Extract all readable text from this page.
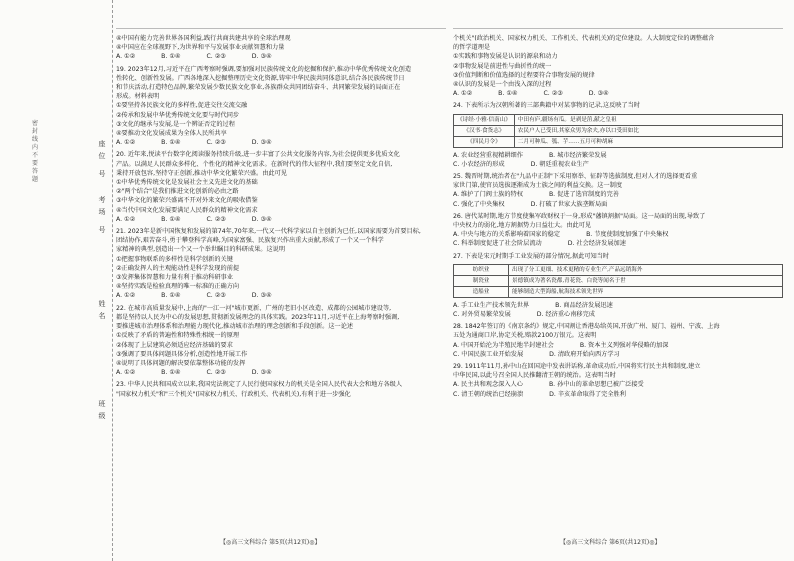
密封线内不要答题
座
位
号
考
场
号
姓
名
班
级
④中国有能力完善世界各国利益,践行共商共建共享的全球治理观
④中国应在全球视野下,为世界和平与发展事业贡献智慧和力量
A. ①②	B. ①④	C. ②③	D. ③④
19. 2023年12月,习近平在广西考察时强调,要加强对民族传统文化的挖掘和保护,推动中华优秀传统文化创造
性转化、创新性发展。广西各地深入挖掘整理历史文化资源,铸牢中华民族共同体意识,结合各民族传统节日
和节庆活动,打造特色品牌,繁荣发展少数民族文化事业,各族群众共同团结奋斗、共同繁荣发展的局面正在
形成。材料表明
①要坚持各民族文化的多样性,促进交往交流交融
②传承和发展中华优秀传统文化要与时代同步
③文化的继承与发展,是一个辨证否定的过程
④要推动文化发展成果为全体人民所共享
A. ①②	B. ①④	C. ②③	D. ③④
20. 近年来,悦读平台数字化阅读服务持续升级,进一步丰富了公共文化服务内容,为社会提供更多优质文化
产品。以满足人民群众多样化、个性化的精神文化需求。在新时代的伟大征程中,我们要坚定文化自信,
秉持开放包容,坚持守正创新,推动中华文化繁荣兴盛。由此可见
①中华优秀传统文化是发展社会主义先进文化的基础
②"两个结合"是我们推进文化创新的必由之路
③中华文化的繁荣兴盛离不开对外来文化的吸收借鉴
④当代中国文化发展要满足人民群众的精神文化需求
A. ①②	B. ①④	C. ②③	D. ③④
21. 2023年是新中国恢复和发展的第74年,70年来,一代又一代科学家以自主创新为已任,以国家需要为首要目标,
团结协作,艰苦奋斗,勇于攀登科学高峰,为国家富强、民族复兴作出重大贡献,形成了一个又一个科学
家精神的典型,创造出一个又一个举世瞩目的科研成果。这说明
①把握事物联系的多样性是科学创新的关键
②正确发挥人的主观能动性是科学发现的前提
③发挥集体智慧和力量有利于推动科研事业
④坚持实践是检验真理的唯一标准的正确方向
A. ①②	B. ①④	C. ②③	D. ③④
22. 在城市高质量发展中,上海的"一江一河"城市更新、广州的老旧小区改造、成都的公园城市建设等,
都是坚持以人民为中心的发展思想,贯彻新发展理念的具体实践。2023年11月,习近平在上海考察时强调,
要推进城市治理体系和治理能力现代化,推动城市治理的理念创新和手段创新。这一论述
①反映了矛盾的普遍性和特殊性相统一的原理
②体现了上层建筑必须适应经济基础的要求
③强调了要具体问题具体分析,创造性地开展工作
④说明了具体问题的解决要依靠整体功能的发挥
A. ①②	B. ①④	C. ②③	D. ③④
23. 中华人民共和国成立以来,我国宪法规定了人民行使国家权力的机关是全国人民代表大会和地方各级人
"国家权力机关"和"三个机关"(国家权力机关、行政机关、代表机关),有利于进一步强化
个机关"(政治机关、国家权力机关、工作机关、代表机关)的定位建设。人大制度定位的调整蕴含
的哲学道理是
①实践和事物发展是认识的源泉和动力
②事物发展是前进性与曲折性的统一
③价值判断和价值选择的过程要符合事物发展的规律
④认识的发展是一个由浅入深的过程
A. ①②	B. ①④	C. ②③	D. ③④
24. 下表所示为汉朝所著的三部典籍中对某事物的记录,这反映了当时
《诗经·小雅·信南山》	中田有庐,疆场有瓜。是剥是菹,献之皇祖
《汉书·食货志》	农民户人已受田,其家众男为余夫,亦以口受田如比
《四民月令》	二月可种瓜、瓠、芋……五月可种胡麻
A. 农业经营重视精耕细作	B. 城市经济繁荣发展
C. 小农经济的形成	D. 朝廷重视农业生产
25. 魏晋时期,统治者在"九品中正制"下采用察举、征辟等选拔制度,但对人才的选择更看重
家世门第,使官员选拔逐渐成为士族之间的利益交换。这一制度
A. 维护了门阀士族的特权	B. 促进了选官制度的完善
C. 强化了中央集权	D. 打破了世家大族垄断局面
26. 唐代某时期,地方节度使集军政财权于一身,形成"藩镇割据"局面。这一局面的出现,导致了
中央权力的弱化,地方割据势力日益壮大。由此可见
A. 中央与地方的关系影响着国家的稳定	B. 节度使制度加强了中央集权
C. 科举制度促进了社会阶层流动	D. 社会经济发展加速
27. 下表是宋元时期手工业发展的部分情况,据此可知当时
纺织业	出现了分工更细、技术更精的专业生产,产品远销海外
制瓷业	景德镇成为著名瓷都,青花瓷、白瓷等闻名于世
造船业	能够制造大型海船,航海技术领先世界
A. 手工业生产技术领先世界	B. 商品经济发展迅速
C. 对外贸易繁荣发展	D. 经济重心南移完成
28. 1842年签订的《南京条约》规定,中国割让香港岛给英国,开放广州、厦门、福州、宁波、上海
五处为通商口岸,协定关税,赔款2100万银元。这表明
A. 中国开始沦为半殖民地半封建社会	B. 资本主义列强对华侵略的加深
C. 中国民族工业开始发展	D. 清政府开始向西方学习
29. 1911年11月,孙中山在回国途中发表讲话称,革命成功后,中国将实行民主共和制度,建立
中华民国,以此号召全国人民推翻清王朝的统治。这表明当时
A. 民主共和观念深入人心	B. 孙中山的革命思想已被广泛接受
C. 清王朝的统治已经崩溃	D. 辛亥革命取得了完全胜利
【◎高三文科综合 第5页(共12页)◎】	【◎高三文科综合 第6页(共12页)◎】
